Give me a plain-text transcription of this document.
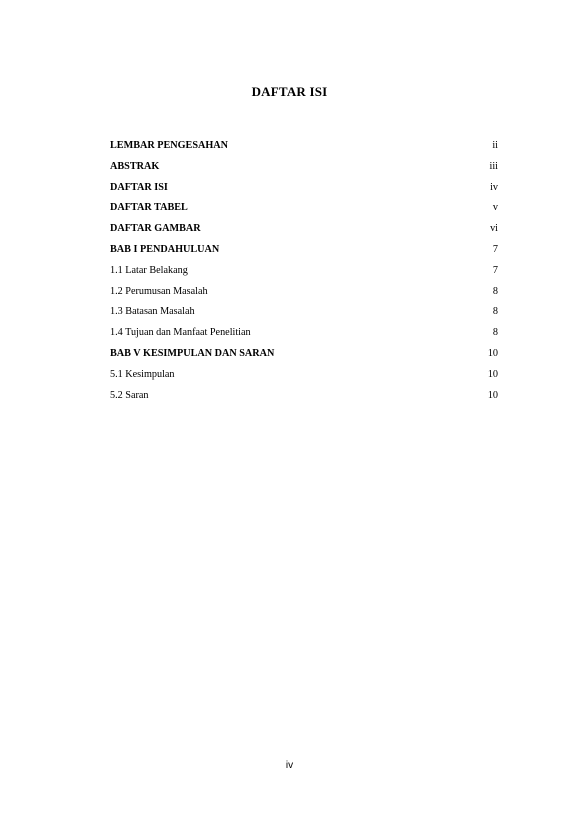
DAFTAR ISI
LEMBAR PENGESAHAN	ii
ABSTRAK	iii
DAFTAR ISI	iv
DAFTAR TABEL	v
DAFTAR GAMBAR	vi
BAB I PENDAHULUAN	7
1.1 Latar Belakang	7
1.2 Perumusan Masalah	8
1.3 Batasan Masalah	8
1.4 Tujuan dan Manfaat Penelitian	8
BAB V KESIMPULAN DAN SARAN	10
5.1 Kesimpulan	10
5.2 Saran	10
iv
